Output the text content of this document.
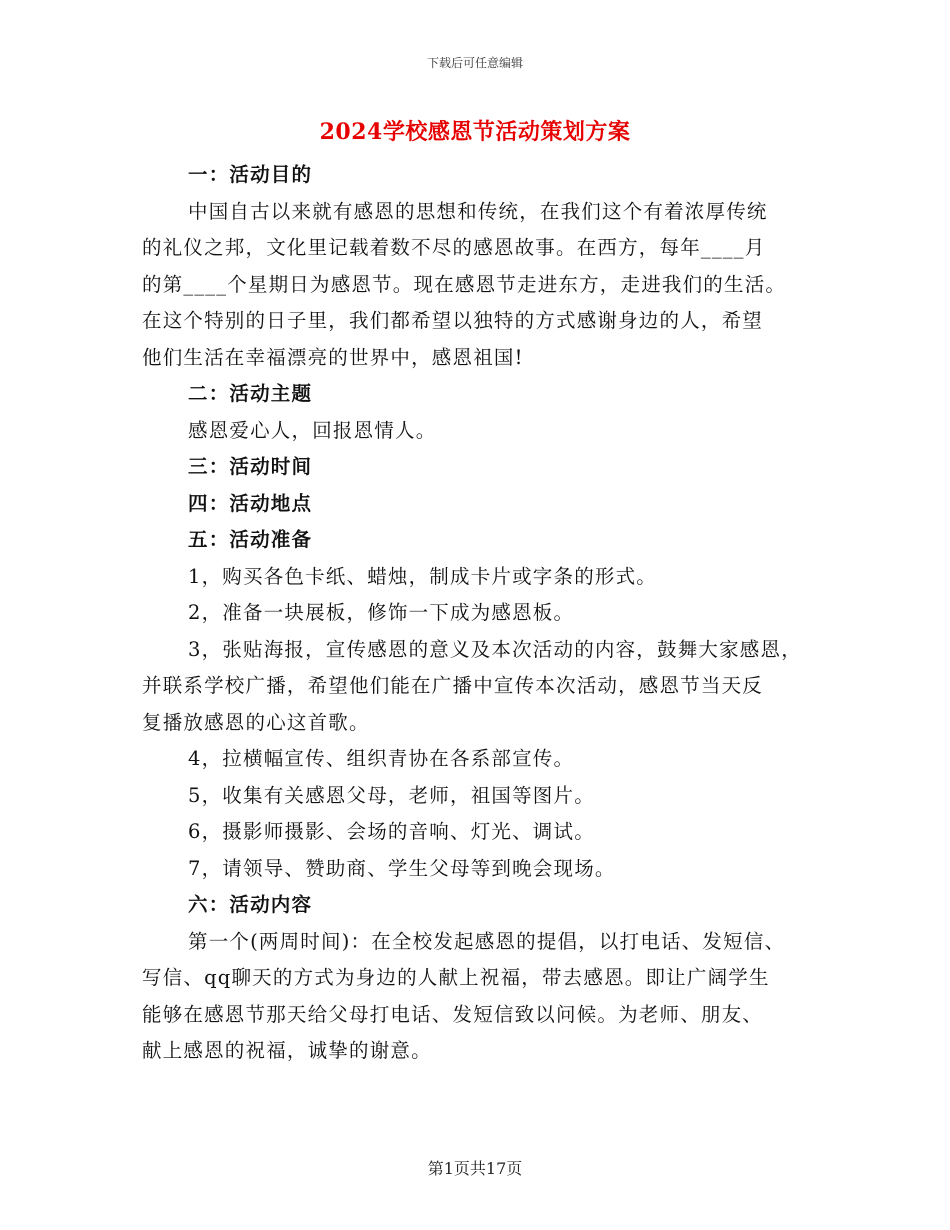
下载后可任意编辑
2024学校感恩节活动策划方案
一：活动目的
中国自古以来就有感恩的思想和传统，在我们这个有着浓厚传统
的礼仪之邦，文化里记载着数不尽的感恩故事。在西方，每年____月
的第____个星期日为感恩节。现在感恩节走进东方，走进我们的生活。
在这个特别的日子里，我们都希望以独特的方式感谢身边的人，希望
他们生活在幸福漂亮的世界中，感恩祖国!
二：活动主题
感恩爱心人，回报恩情人。
三：活动时间
四：活动地点
五：活动准备
1，购买各色卡纸、蜡烛，制成卡片或字条的形式。
2，准备一块展板，修饰一下成为感恩板。
3，张贴海报，宣传感恩的意义及本次活动的内容，鼓舞大家感恩，
并联系学校广播，希望他们能在广播中宣传本次活动，感恩节当天反
复播放感恩的心这首歌。
4，拉横幅宣传、组织青协在各系部宣传。
5，收集有关感恩父母，老师，祖国等图片。
6，摄影师摄影、会场的音响、灯光、调试。
7，请领导、赞助商、学生父母等到晚会现场。
六：活动内容
第一个(两周时间)：在全校发起感恩的提倡，以打电话、发短信、
写信、qq聊天的方式为身边的人献上祝福，带去感恩。即让广阔学生
能够在感恩节那天给父母打电话、发短信致以问候。为老师、朋友、
献上感恩的祝福，诚挚的谢意。
第1页共17页
